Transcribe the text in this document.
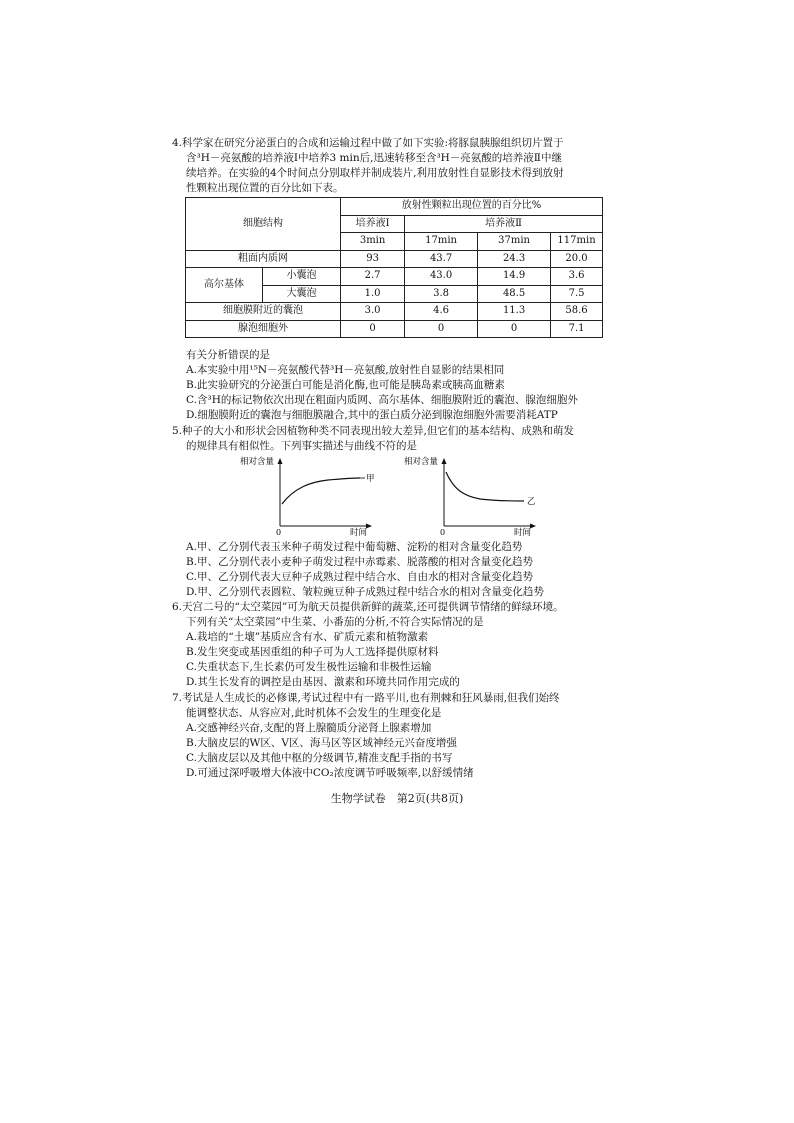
4.科学家在研究分泌蛋白的合成和运输过程中做了如下实验:将豚鼠胰腺组织切片置于
含³H－亮氨酸的培养液Ⅰ中培养3 min后,迅速转移至含³H－亮氨酸的培养液Ⅱ中继
续培养。在实验的4个时间点分别取样并制成装片,利用放射性自显影技术得到放射
性颗粒出现位置的百分比如下表。
细胞结构		放射性颗粒出现位置的百分比%			
		培养液Ⅰ	培养液Ⅱ		
		3min	17min	37min	117min
粗面内质网		93	43.7	24.3	20.0
高尔基体	小囊泡	2.7	43.0	14.9	3.6
	大囊泡	1.0	3.8	48.5	7.5
细胞膜附近的囊泡		3.0	4.6	11.3	58.6
腺泡细胞外		0	0	0	7.1
有关分析错误的是
A.本实验中用¹⁵N－亮氨酸代替³H－亮氨酸,放射性自显影的结果相同
B.此实验研究的分泌蛋白可能是消化酶,也可能是胰岛素或胰高血糖素
C.含³H的标记物依次出现在粗面内质网、高尔基体、细胞膜附近的囊泡、腺泡细胞外
D.细胞膜附近的囊泡与细胞膜融合,其中的蛋白质分泌到腺泡细胞外需要消耗ATP
5.种子的大小和形状会因植物种类不同表现出较大差异,但它们的基本结构、成熟和萌发
的规律具有相似性。下列事实描述与曲线不符的是
相对含量
0	时间
甲
相对含量
0	时间
乙
A.甲、乙分别代表玉米种子萌发过程中葡萄糖、淀粉的相对含量变化趋势
B.甲、乙分别代表小麦种子萌发过程中赤霉素、脱落酸的相对含量变化趋势
C.甲、乙分别代表大豆种子成熟过程中结合水、自由水的相对含量变化趋势
D.甲、乙分别代表圆粒、皱粒豌豆种子成熟过程中结合水的相对含量变化趋势
6.天宫二号的“太空菜园”可为航天员提供新鲜的蔬菜,还可提供调节情绪的鲜绿环境。
下列有关“太空菜园”中生菜、小番茄的分析,不符合实际情况的是
A.栽培的“土壤”基质应含有水、矿质元素和植物激素
B.发生突变或基因重组的种子可为人工选择提供原材料
C.失重状态下,生长素仍可发生极性运输和非极性运输
D.其生长发育的调控是由基因、激素和环境共同作用完成的
7.考试是人生成长的必修课,考试过程中有一路平川,也有荆棘和狂风暴雨,但我们始终
能调整状态、从容应对,此时机体不会发生的生理变化是
A.交感神经兴奋,支配的肾上腺髓质分泌肾上腺素增加
B.大脑皮层的W区、V区、海马区等区域神经元兴奋度增强
C.大脑皮层以及其他中枢的分级调节,精准支配手指的书写
D.可通过深呼吸增大体液中CO₂浓度调节呼吸频率,以舒缓情绪
生物学试卷　第2页(共8页)
